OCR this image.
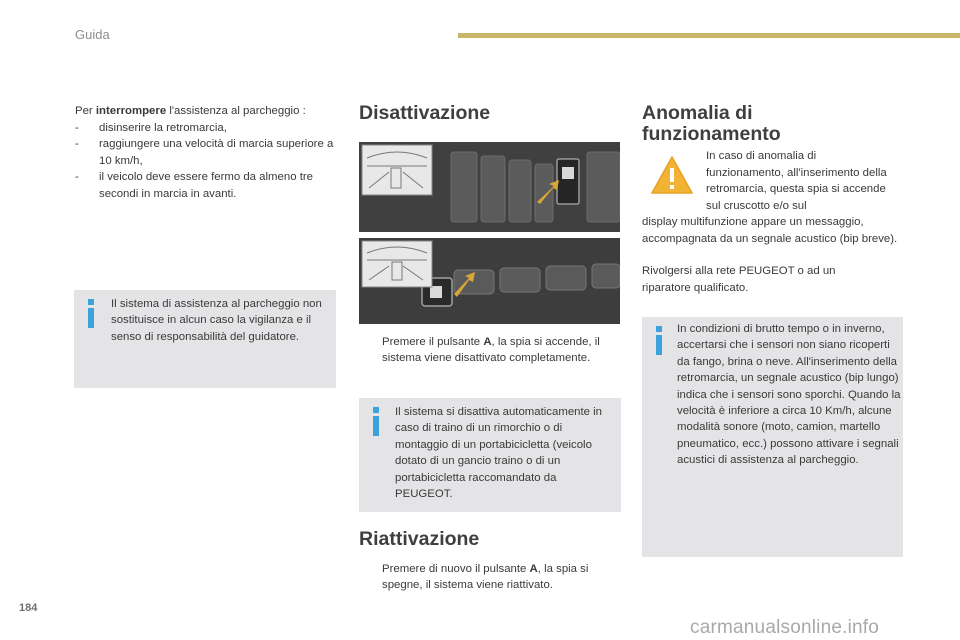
Guida

Per interrompere l'assistenza al parcheggio :

- disinserire la retromarcia,
- raggiungere una velocità di marcia superiore a 10 km/h,
- il veicolo deve essere fermo da almeno tre secondi in marcia in avanti.
Il sistema di assistenza al parcheggio non sostituisce in alcun caso la vigilanza e il senso di responsabilità del guidatore.
Disattivazione
Premere il pulsante A, la spia si accende, il sistema viene disattivato completamente.
Il sistema si disattiva automaticamente in caso di traino di un rimorchio o di montaggio di un portabicicletta (veicolo dotato di un gancio traino o di un portabicicletta raccomandato da PEUGEOT.
Riattivazione
Premere di nuovo il pulsante A, la spia si spegne, il sistema viene riattivato.
Anomalia di
funzionamento
In caso di anomalia di funzionamento, all'inserimento della retromarcia, questa spia si accende sul cruscotto e/o sul
display multifunzione appare un messaggio, accompagnata da un segnale acustico (bip breve).
Rivolgersi alla rete PEUGEOT o ad un riparatore qualificato.
In condizioni di brutto tempo o in inverno, accertarsi che i sensori non siano ricoperti da fango, brina o neve. All'inserimento della retromarcia, un segnale acustico (bip lungo) indica che i sensori sono sporchi. Quando la velocità è inferiore a circa 10 Km/h, alcune modalità sonore (moto, camion, martello pneumatico, ecc.) possono attivare i segnali acustici di assistenza al parcheggio.
184
carmanualsonline.info
